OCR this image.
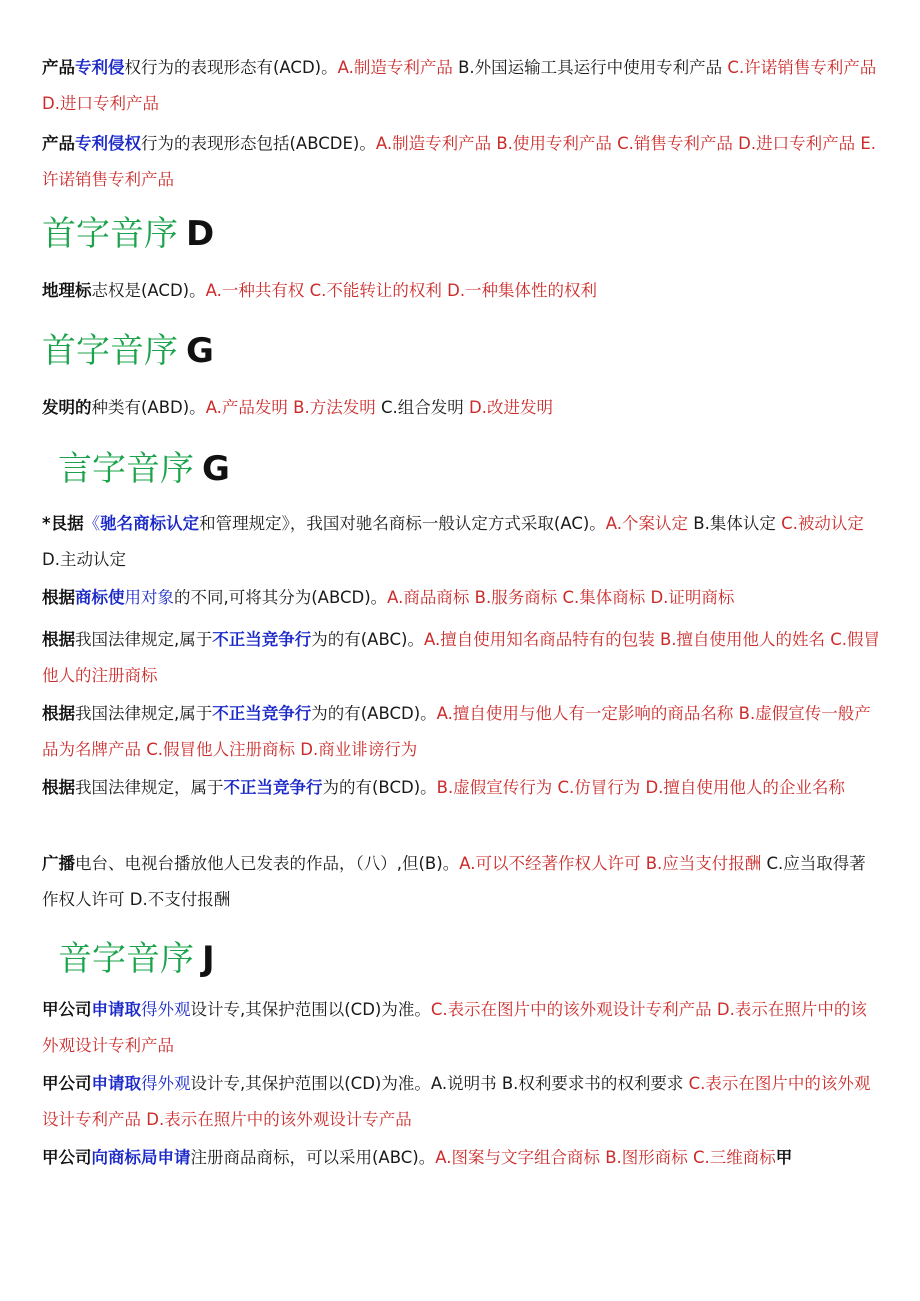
产品专利侵权行为的表现形态有(ACD)。A.制造专利产品 B.外国运输工具运行中使用专利产品 C.许诺销售专利产品 D.进口专利产品

产品专利侵权行为的表现形态包括(ABCDE)。A.制造专利产品 B.使用专利产品 C.销售专利产品 D.进口专利产品 E.许诺销售专利产品

地理标志权是(ACD)。A.一种共有权 C.不能转让的权利 D.一种集体性的权利

发明的种类有(ABD)。A.产品发明 B.方法发明 C.组合发明 D.改进发明

*艮据《驰名商标认定和管理规定》，我国对驰名商标一般认定方式采取(AC)。A.个案认定 B.集体认定 C.被动认定 D.主动认定

根据商标使用对象的不同,可将其分为(ABCD)。A.商品商标 B.服务商标 C.集体商标 D.证明商标

根据我国法律规定,属于不正当竞争行为的有(ABC)。A.擅自使用知名商品特有的包装 B.擅自使用他人的姓名 C.假冒他人的注册商标

根据我国法律规定,属于不正当竞争行为的有(ABCD)。A.擅自使用与他人有一定影响的商品名称 B.虚假宣传一般产品为名牌产品 C.假冒他人注册商标 D.商业诽谤行为

根据我国法律规定，属于不正当竞争行为的有(BCD)。B.虚假宣传行为 C.仿冒行为 D.擅自使用他人的企业名称

广播电台、电视台播放他人已发表的作品，（八）,但(B)。A.可以不经著作权人许可 B.应当支付报酬 C.应当取得著作权人许可 D.不支付报酬

甲公司申请取得外观设计专,其保护范围以(CD)为准。C.表示在图片中的该外观设计专利产品 D.表示在照片中的该外观设计专利产品

甲公司申请取得外观设计专,其保护范围以(CD)为准。A.说明书 B.权利要求书的权利要求 C.表示在图片中的该外观设计专利产品 D.表示在照片中的该外观设计专产品

甲公司向商标局申请注册商品商标，可以采用(ABC)。A.图案与文字组合商标 B.图形商标 C.三维商标甲

首字音序 D
首字音序 G
言字音序 G
音字音序 J
